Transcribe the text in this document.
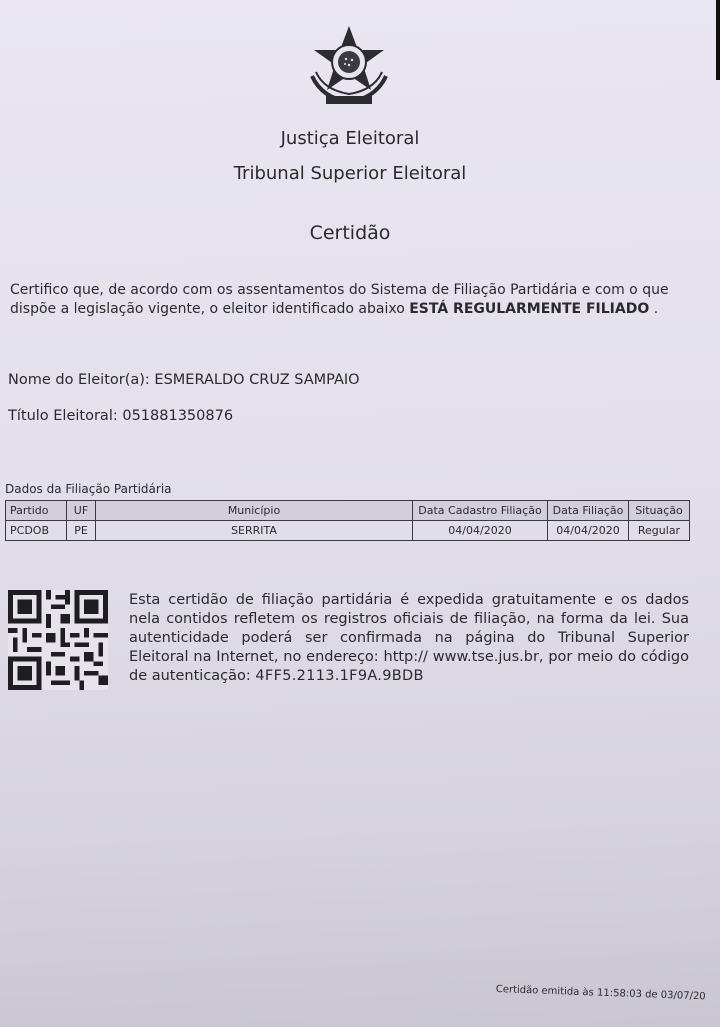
Justiça Eleitoral
Tribunal Superior Eleitoral
Certidão
Certifico que, de acordo com os assentamentos do Sistema de Filiação Partidária e com o que dispõe a legislação vigente, o eleitor identificado abaixo ESTÁ REGULARMENTE FILIADO .
Nome do Eleitor(a): ESMERALDO CRUZ SAMPAIO
Título Eleitoral: 051881350876
Dados da Filiação Partidária
Partido	UF	Município	Data Cadastro Filiação	Data Filiação	Situação
PCDOB	PE	SERRITA	04/04/2020	04/04/2020	Regular
Esta certidão de filiação partidária é expedida gratuitamente e os dados nela contidos refletem os registros oficiais de filiação, na forma da lei. Sua autenticidade poderá ser confirmada na página do Tribunal Superior Eleitoral na Internet, no endereço: http:// www.tse.jus.br, por meio do código de autenticação: 4FF5.2113.1F9A.9BDB
Certidão emitida às 11:58:03 de 03/07/20
